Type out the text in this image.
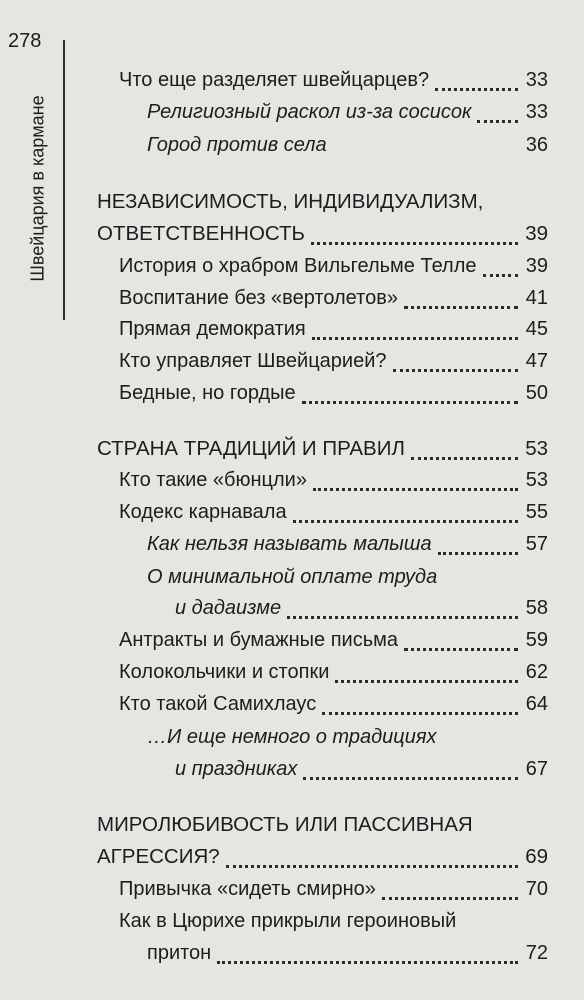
278
Швейцария в кармане
Что еще разделяет швейцарцев?	33
Религиозный раскол из-за сосисок	33
Город против села	36
НЕЗАВИСИМОСТЬ, ИНДИВИДУАЛИЗМ,
ОТВЕТСТВЕННОСТЬ	39
История о храбром Вильгельме Телле 39
Воспитание без «вертолетов»	41
Прямая демократия	45
Кто управляет Швейцарией?	47
Бедные, но гордые	50
СТРАНА ТРАДИЦИЙ И ПРАВИЛ	53
Кто такие «бюнцли»	53
Кодекс карнавала	55
Как нельзя называть малыша	57
О минимальной оплате труда
и дадаизме	58
Антракты и бумажные письма	59
Колокольчики и стопки	62
Кто такой Самихлаус	64
…И еще немного о традициях
и праздниках	67
МИРОЛЮБИВОСТЬ ИЛИ ПАССИВНАЯ
АГРЕССИЯ?	69
Привычка «сидеть смирно»	70
Как в Цюрихе прикрыли героиновый
притон	72
